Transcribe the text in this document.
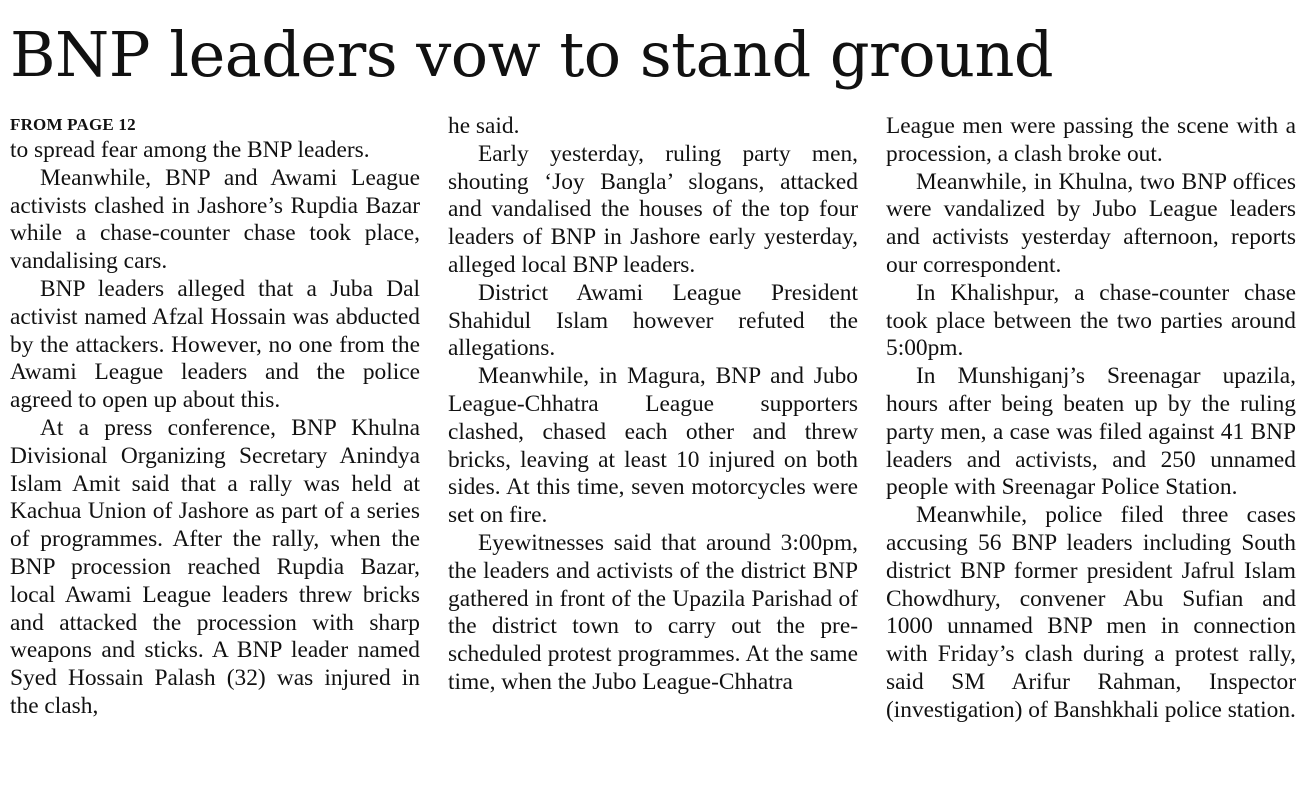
BNP leaders vow to stand ground
FROM PAGE 12

to spread fear among the BNP leaders.

Meanwhile, BNP and Awami League activists clashed in Jashore’s Rupdia Bazar while a chase-counter chase took place, vandalising cars.

BNP leaders alleged that a Juba Dal activist named Afzal Hossain was abducted by the attackers. However, no one from the Awami League leaders and the police agreed to open up about this.

At a press conference, BNP Khulna Divisional Organizing Secretary Anindya Islam Amit said that a rally was held at Kachua Union of Jashore as part of a series of programmes. After the rally, when the BNP procession reached Rupdia Bazar, local Awami League leaders threw bricks and attacked the procession with sharp weapons and sticks. A BNP leader named Syed Hossain Palash (32) was injured in the clash,

he said.

Early yesterday, ruling party men, shouting ‘Joy Bangla’ slogans, attacked and vandalised the houses of the top four leaders of BNP in Jashore early yesterday, alleged local BNP leaders.

District Awami League President Shahidul Islam however refuted the allegations.

Meanwhile, in Magura, BNP and Jubo League-Chhatra League supporters clashed, chased each other and threw bricks, leaving at least 10 injured on both sides. At this time, seven motorcycles were set on fire.

Eyewitnesses said that around 3:00pm, the leaders and activists of the district BNP gathered in front of the Upazila Parishad of the district town to carry out the pre-scheduled protest programmes. At the same time, when the Jubo League-Chhatra

League men were passing the scene with a procession, a clash broke out.

Meanwhile, in Khulna, two BNP offices were vandalized by Jubo League leaders and activists yesterday afternoon, reports our correspondent.

In Khalishpur, a chase-counter chase took place between the two parties around 5:00pm.

In Munshiganj’s Sreenagar upazila, hours after being beaten up by the ruling party men, a case was filed against 41 BNP leaders and activists, and 250 unnamed people with Sreenagar Police Station.

Meanwhile, police filed three cases accusing 56 BNP leaders including South district BNP former president Jafrul Islam Chowdhury, convener Abu Sufian and 1000 unnamed BNP men in connection with Friday’s clash during a protest rally, said SM Arifur Rahman, Inspector (investigation) of Banshkhali police station.
